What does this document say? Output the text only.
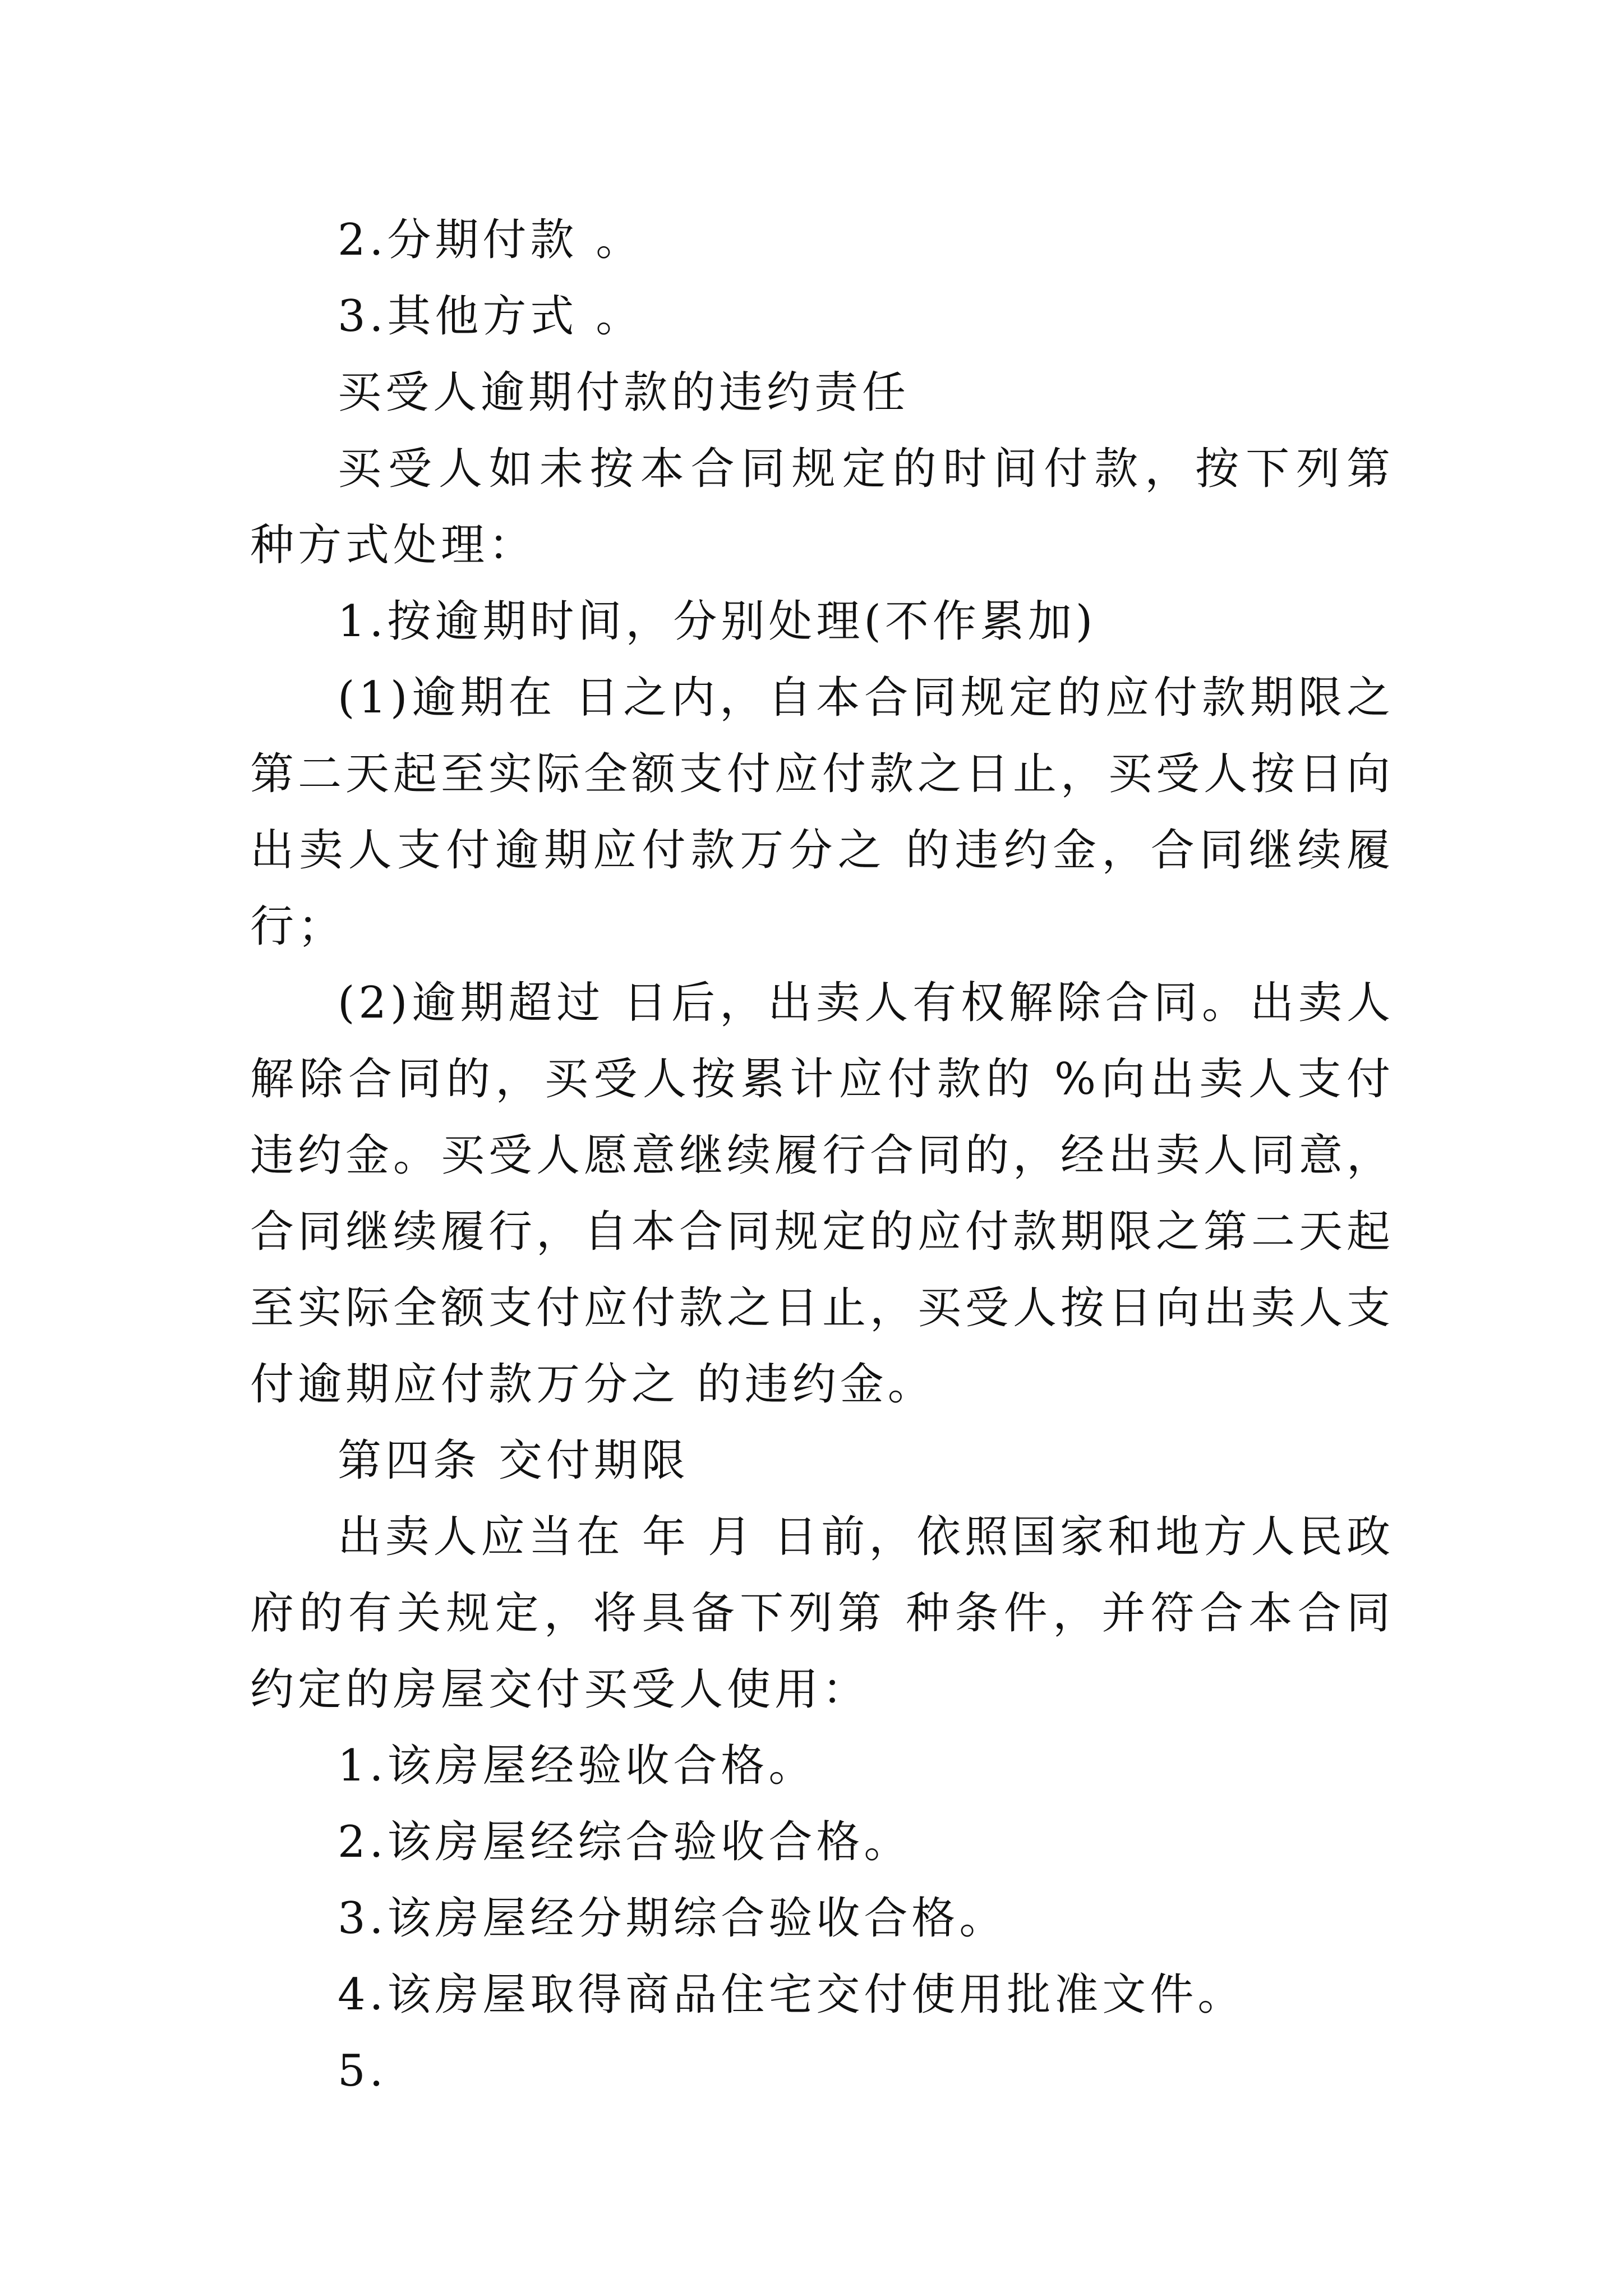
2.分期付款 。

3.其他方式 。

买受人逾期付款的违约责任

买受人如未按本合同规定的时间付款，按下列第 种方式处理：

1.按逾期时间，分别处理(不作累加)

(1)逾期在 日之内，自本合同规定的应付款期限之第二天起至实际全额支付应付款之日止，买受人按日向出卖人支付逾期应付款万分之 的违约金，合同继续履行；

(2)逾期超过 日后，出卖人有权解除合同。出卖人解除合同的，买受人按累计应付款的 %向出卖人支付违约金。买受人愿意继续履行合同的，经出卖人同意，合同继续履行，自本合同规定的应付款期限之第二天起至实际全额支付应付款之日止，买受人按日向出卖人支付逾期应付款万分之 的违约金。

第四条 交付期限

出卖人应当在 年 月 日前，依照国家和地方人民政府的有关规定，将具备下列第 种条件，并符合本合同约定的房屋交付买受人使用：

1.该房屋经验收合格。

2.该房屋经综合验收合格。

3.该房屋经分期综合验收合格。

4.该房屋取得商品住宅交付使用批准文件。

5.
